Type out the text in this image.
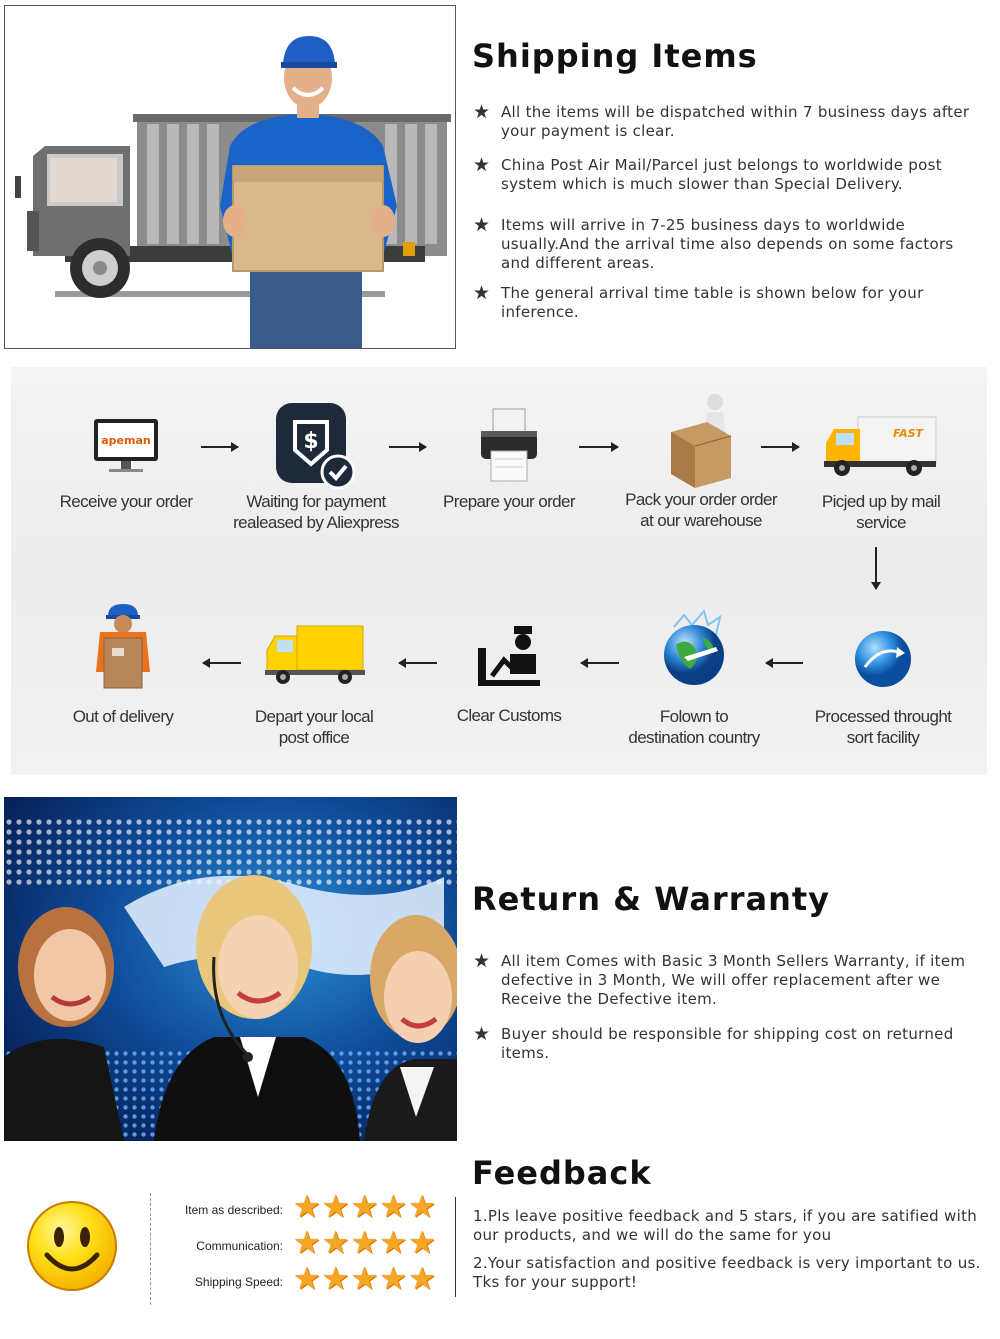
Shipping Items
★ All the items will be dispatched within 7 business days after your payment is clear.
★ China Post Air Mail/Parcel just belongs to worldwide post system which is much slower than Special Delivery.
★ Items will arrive in 7-25 business days to worldwide usually.And the arrival time also depends on some factors and different areas.
★ The general arrival time table is shown below for your inference.
apeman
Receive your order
$
Waiting for payment
realeased by Aliexpress
Prepare your order	Pack your order order
at our warehouse
FAST
Picjed up by mail service
Processed throught
sort facility
Folown to
destination country
Clear Customs
Depart your local
post office
Out of delivery
Return & Warranty
★ All item Comes with Basic 3 Month Sellers Warranty, if item defective in 3 Month, We will offer replacement after we Receive the Defective item.
★ Buyer should be responsible for shipping cost on returned items.
Feedback
Item as described: ★ ★ ★ ★ ★
Communication: ★ ★ ★ ★ ★
Shipping Speed: ★ ★ ★ ★ ★
1.Pls leave positive feedback and 5 stars, if you are satified with our products, and we will do the same for you
2.Your satisfaction and positive feedback is very important to us. Tks for your support!
